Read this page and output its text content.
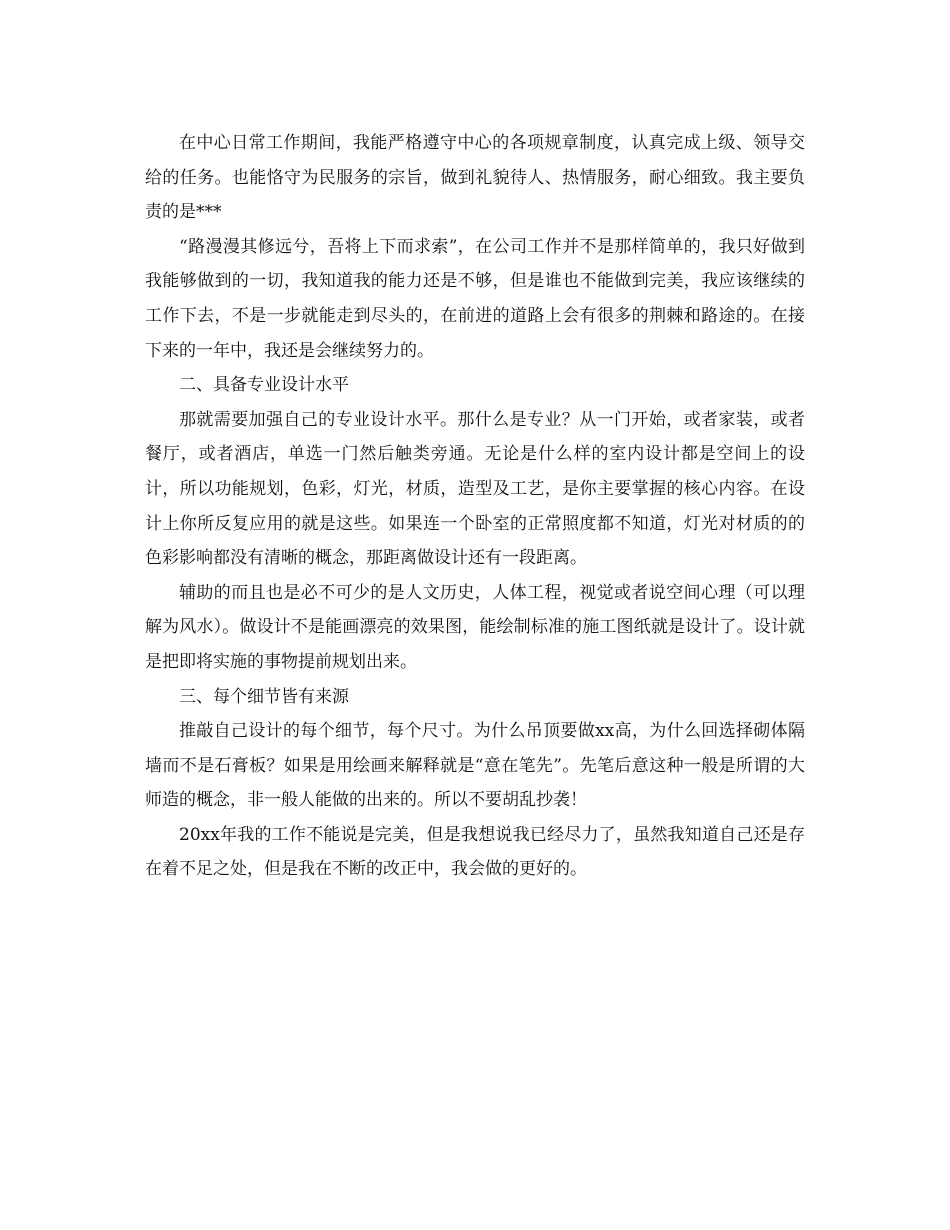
在中心日常工作期间，我能严格遵守中心的各项规章制度，认真完成上级、领导交给的任务。也能恪守为民服务的宗旨，做到礼貌待人、热情服务，耐心细致。我主要负责的是***

“路漫漫其修远兮，吾将上下而求索”，在公司工作并不是那样简单的，我只好做到我能够做到的一切，我知道我的能力还是不够，但是谁也不能做到完美，我应该继续的工作下去，不是一步就能走到尽头的，在前进的道路上会有很多的荆棘和路途的。在接下来的一年中，我还是会继续努力的。

二、具备专业设计水平

那就需要加强自己的专业设计水平。那什么是专业？从一门开始，或者家装，或者餐厅，或者酒店，单选一门然后触类旁通。无论是什么样的室内设计都是空间上的设计，所以功能规划，色彩，灯光，材质，造型及工艺，是你主要掌握的核心内容。在设计上你所反复应用的就是这些。如果连一个卧室的正常照度都不知道，灯光对材质的的色彩影响都没有清晰的概念，那距离做设计还有一段距离。

辅助的而且也是必不可少的是人文历史，人体工程，视觉或者说空间心理（可以理解为风水）。做设计不是能画漂亮的效果图，能绘制标准的施工图纸就是设计了。设计就是把即将实施的事物提前规划出来。

三、每个细节皆有来源

推敲自己设计的每个细节，每个尺寸。为什么吊顶要做xx高，为什么回选择砌体隔墙而不是石膏板？如果是用绘画来解释就是“意在笔先”。先笔后意这种一般是所谓的大师造的概念，非一般人能做的出来的。所以不要胡乱抄袭！

20xx年我的工作不能说是完美，但是我想说我已经尽力了，虽然我知道自己还是存在着不足之处，但是我在不断的改正中，我会做的更好的。
